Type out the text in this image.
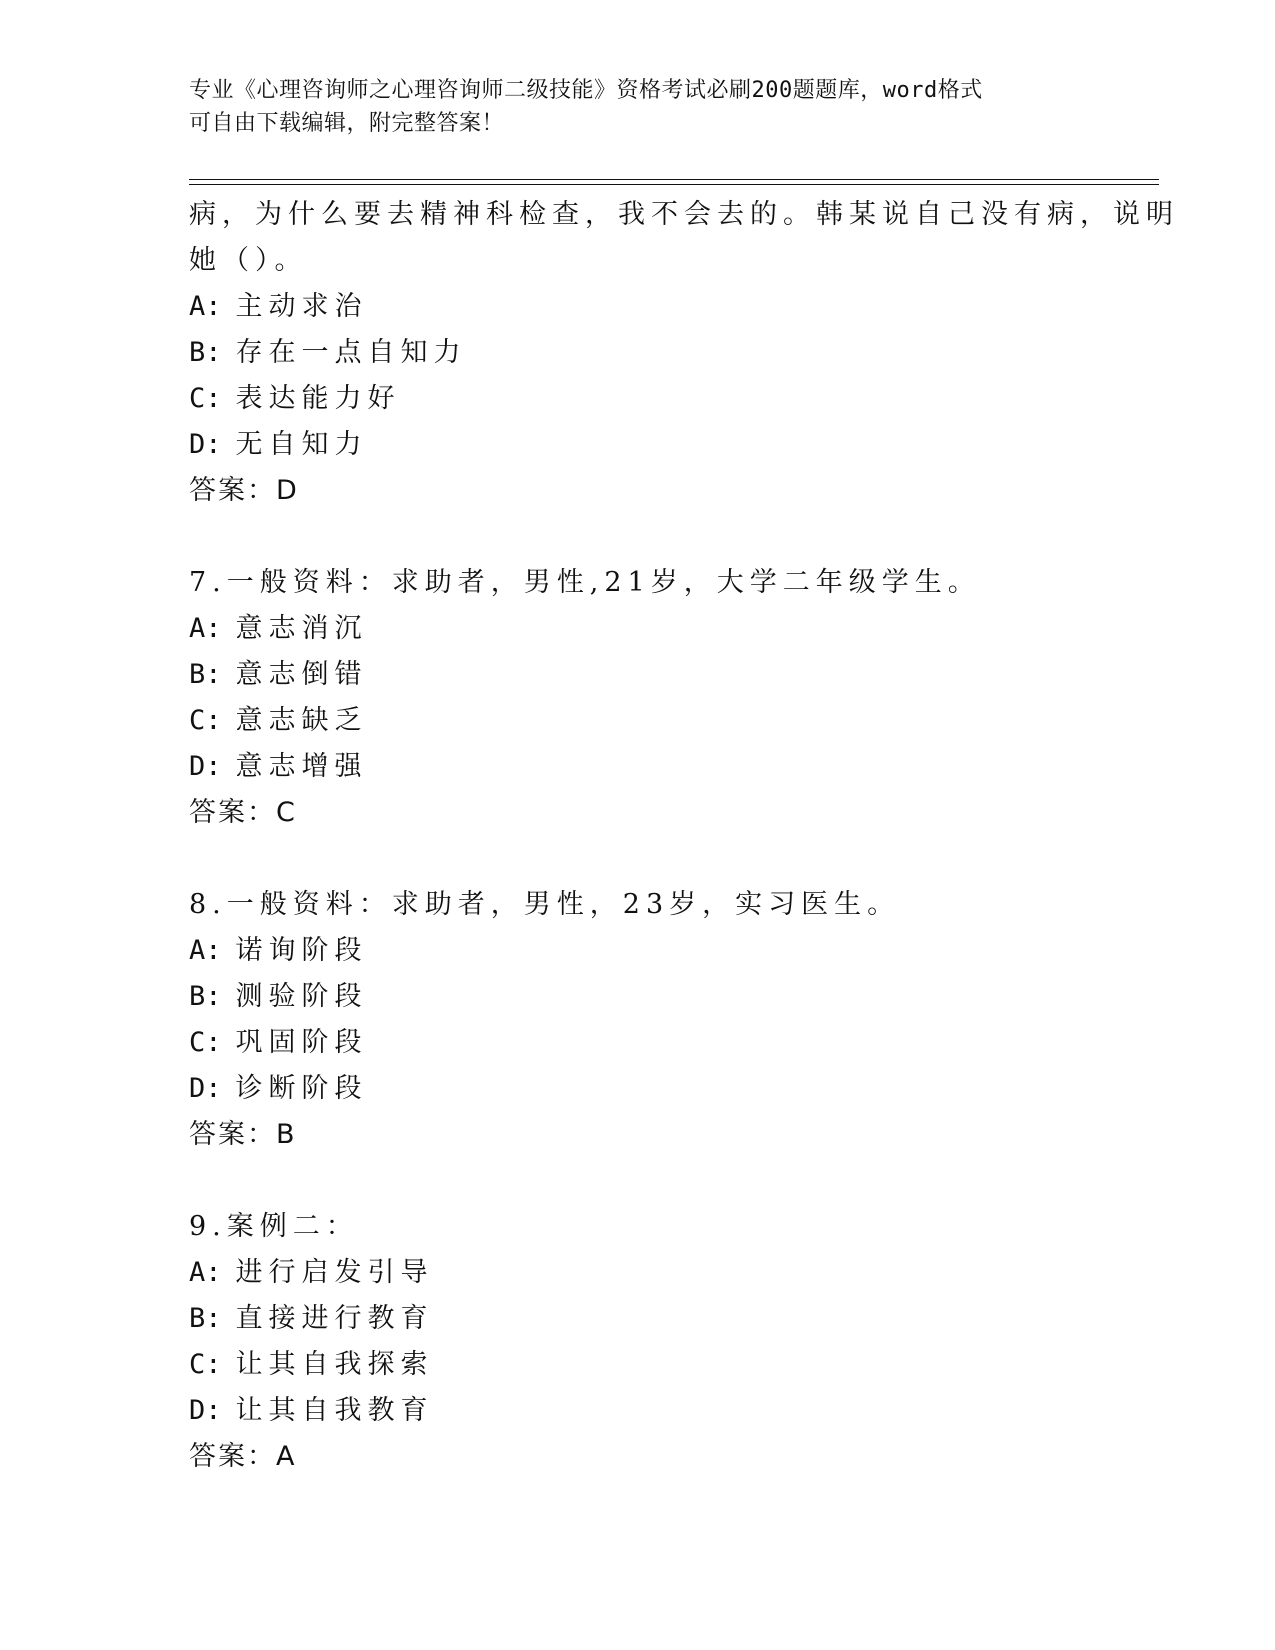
专业《心理咨询师之心理咨询师二级技能》资格考试必刷200题题库，word格式
可自由下载编辑，附完整答案！
病，为什么要去精神科检查，我不会去的。韩某说自己没有病，说明
她（）。
A: 主动求治
B: 存在一点自知力
C: 表达能力好
D: 无自知力
答案：D
7.一般资料：求助者，男性,21岁，大学二年级学生。
A: 意志消沉
B: 意志倒错
C: 意志缺乏
D: 意志增强
答案：C
8.一般资料：求助者，男性，23岁，实习医生。
A: 诺询阶段
B: 测验阶段
C: 巩固阶段
D: 诊断阶段
答案：B
9.案例二：
A: 进行启发引导
B: 直接进行教育
C: 让其自我探索
D: 让其自我教育
答案：A
